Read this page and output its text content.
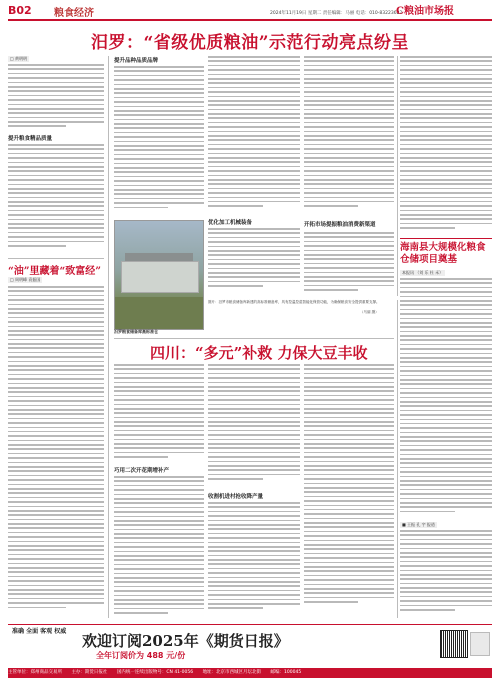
B02 粮食经济	2024年11月19日 星期二 责任编辑：马丽 电话：010-83223622
C粮油市场报
汨罗：“省级优质粮油”示范行动亮点纷呈
□ 黄明明
提升粮食精品质量
“油”里藏着“致富经”
□ 周明峰 袁振国
提升品种品质品牌
优化加工机械装备	开拓市场提振粮油消费新渠道
汨罗粮食储备库高标准仓
图片：汨罗市粮食储备库新建的高标准储备库，具有控温控湿智能化保管功能，为确保粮食安全提供重要支撑。
（马丽 摄）
海南县大规模化粮食仓储项目奠基
本报讯 （刘 乐 杜 禾）
■ 王振 孔 宇 报道
四川：“多元”补救 力保大豆丰收
巧用二次开花期增补产
收割机进村抢收降产量
准确 全面 客观 权威
欢迎订阅2025年《期货日报》
全年订阅价为 488 元/份
主管单位：郑州商品交易所 主办：期货日报社 国内统一连续出版物号：CN 41-0056 地址：北京市西城区月坛北街 邮编：100045
